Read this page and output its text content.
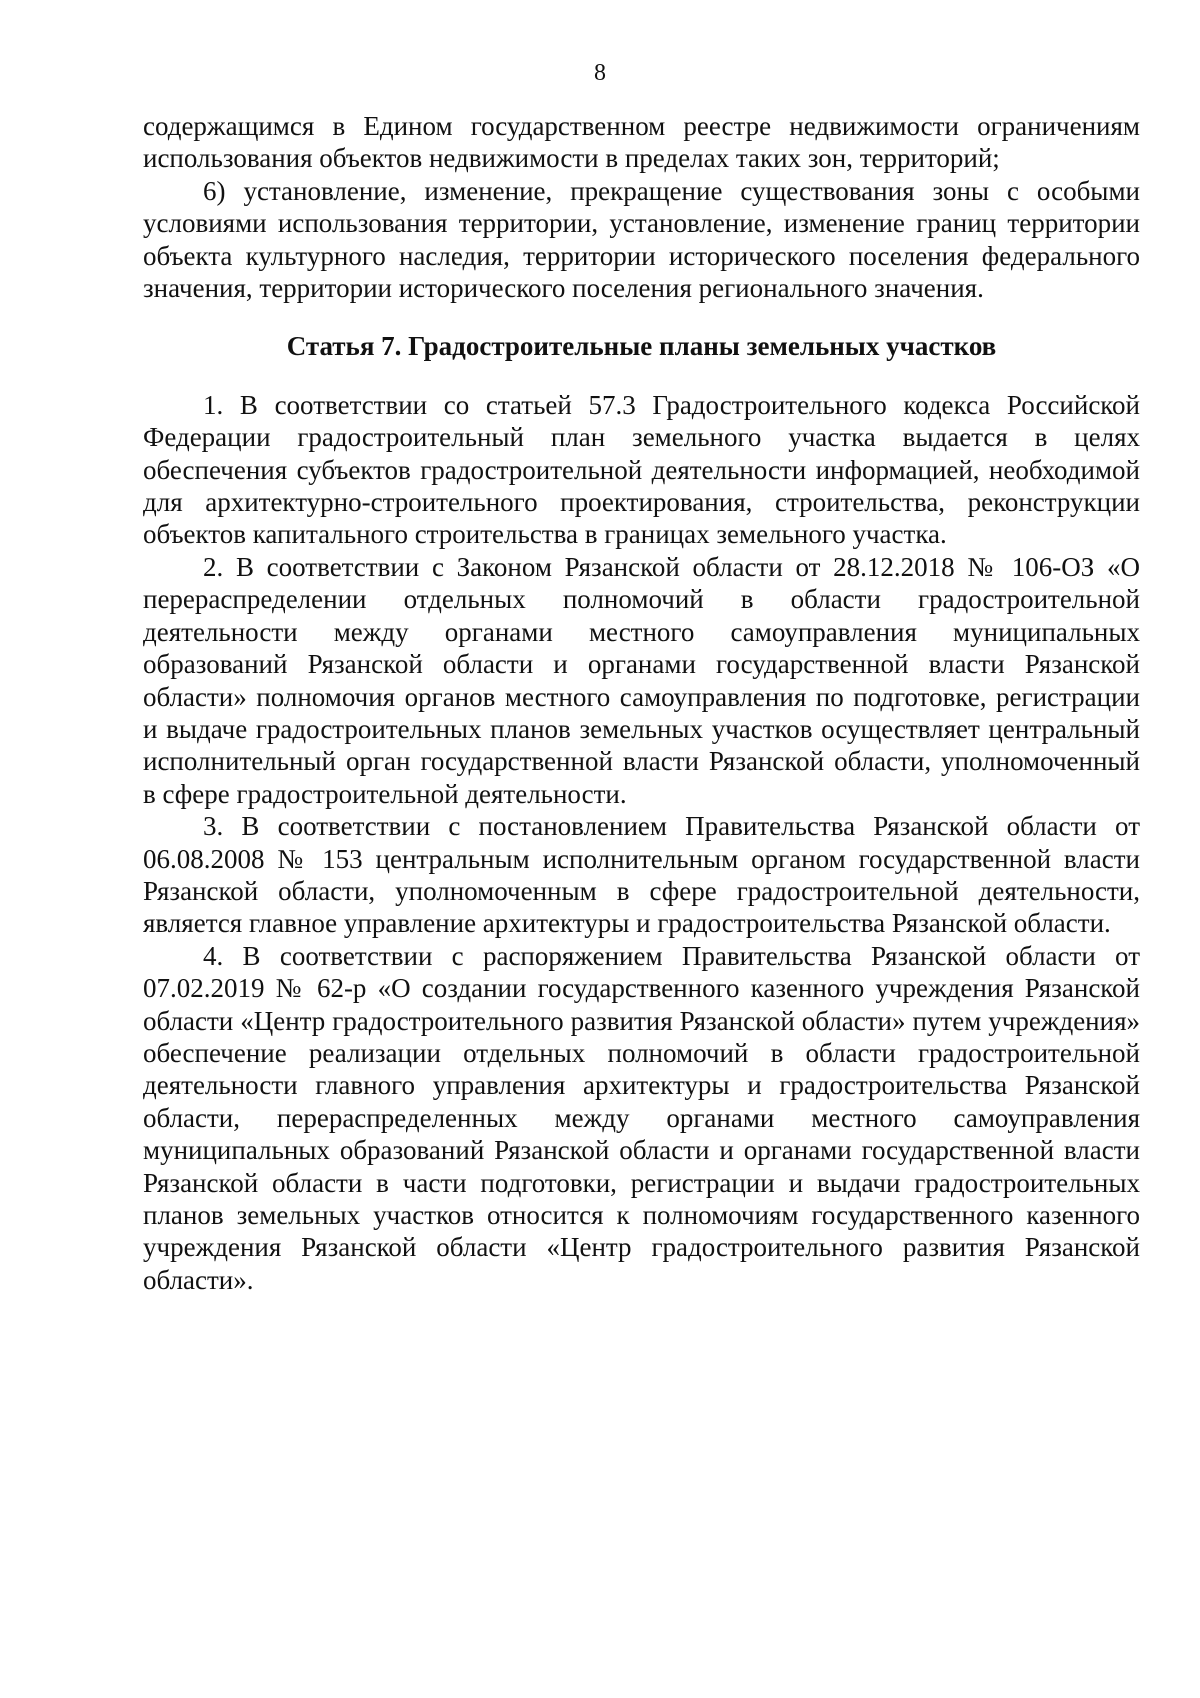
8

содержащимся в Едином государственном реестре недвижимости ограничениям использования объектов недвижимости в пределах таких зон, территорий;

6) установление, изменение, прекращение существования зоны с особыми условиями использования территории, установление, изменение границ территории объекта культурного наследия, территории исторического поселения федерального значения, территории исторического поселения регионального значения.

Статья 7. Градостроительные планы земельных участков

1. В соответствии со статьей 57.3 Градостроительного кодекса Российской Федерации градостроительный план земельного участка выдается в целях обеспечения субъектов градостроительной деятельности информацией, необходимой для архитектурно-строительного проектирования, строительства, реконструкции объектов капитального строительства в границах земельного участка.

2. В соответствии с Законом Рязанской области от 28.12.2018 № 106-ОЗ «О перераспределении отдельных полномочий в области градостроительной деятельности между органами местного самоуправления муниципальных образований Рязанской области и органами государственной власти Рязанской области» полномочия органов местного самоуправления по подготовке, регистрации и выдаче градостроительных планов земельных участков осуществляет центральный исполнительный орган государственной власти Рязанской области, уполномоченный в сфере градостроительной деятельности.

3. В соответствии с постановлением Правительства Рязанской области от 06.08.2008 № 153 центральным исполнительным органом государственной власти Рязанской области, уполномоченным в сфере градостроительной деятельности, является главное управление архитектуры и градостроительства Рязанской области.

4. В соответствии с распоряжением Правительства Рязанской области от 07.02.2019 № 62-р «О создании государственного казенного учреждения Рязанской области «Центр градостроительного развития Рязанской области» путем учреждения» обеспечение реализации отдельных полномочий в области градостроительной деятельности главного управления архитектуры и градостроительства Рязанской области, перераспределенных между органами местного самоуправления муниципальных образований Рязанской области и органами государственной власти Рязанской области в части подготовки, регистрации и выдачи градостроительных планов земельных участков относится к полномочиям государственного казенного учреждения Рязанской области «Центр градостроительного развития Рязанской области».
